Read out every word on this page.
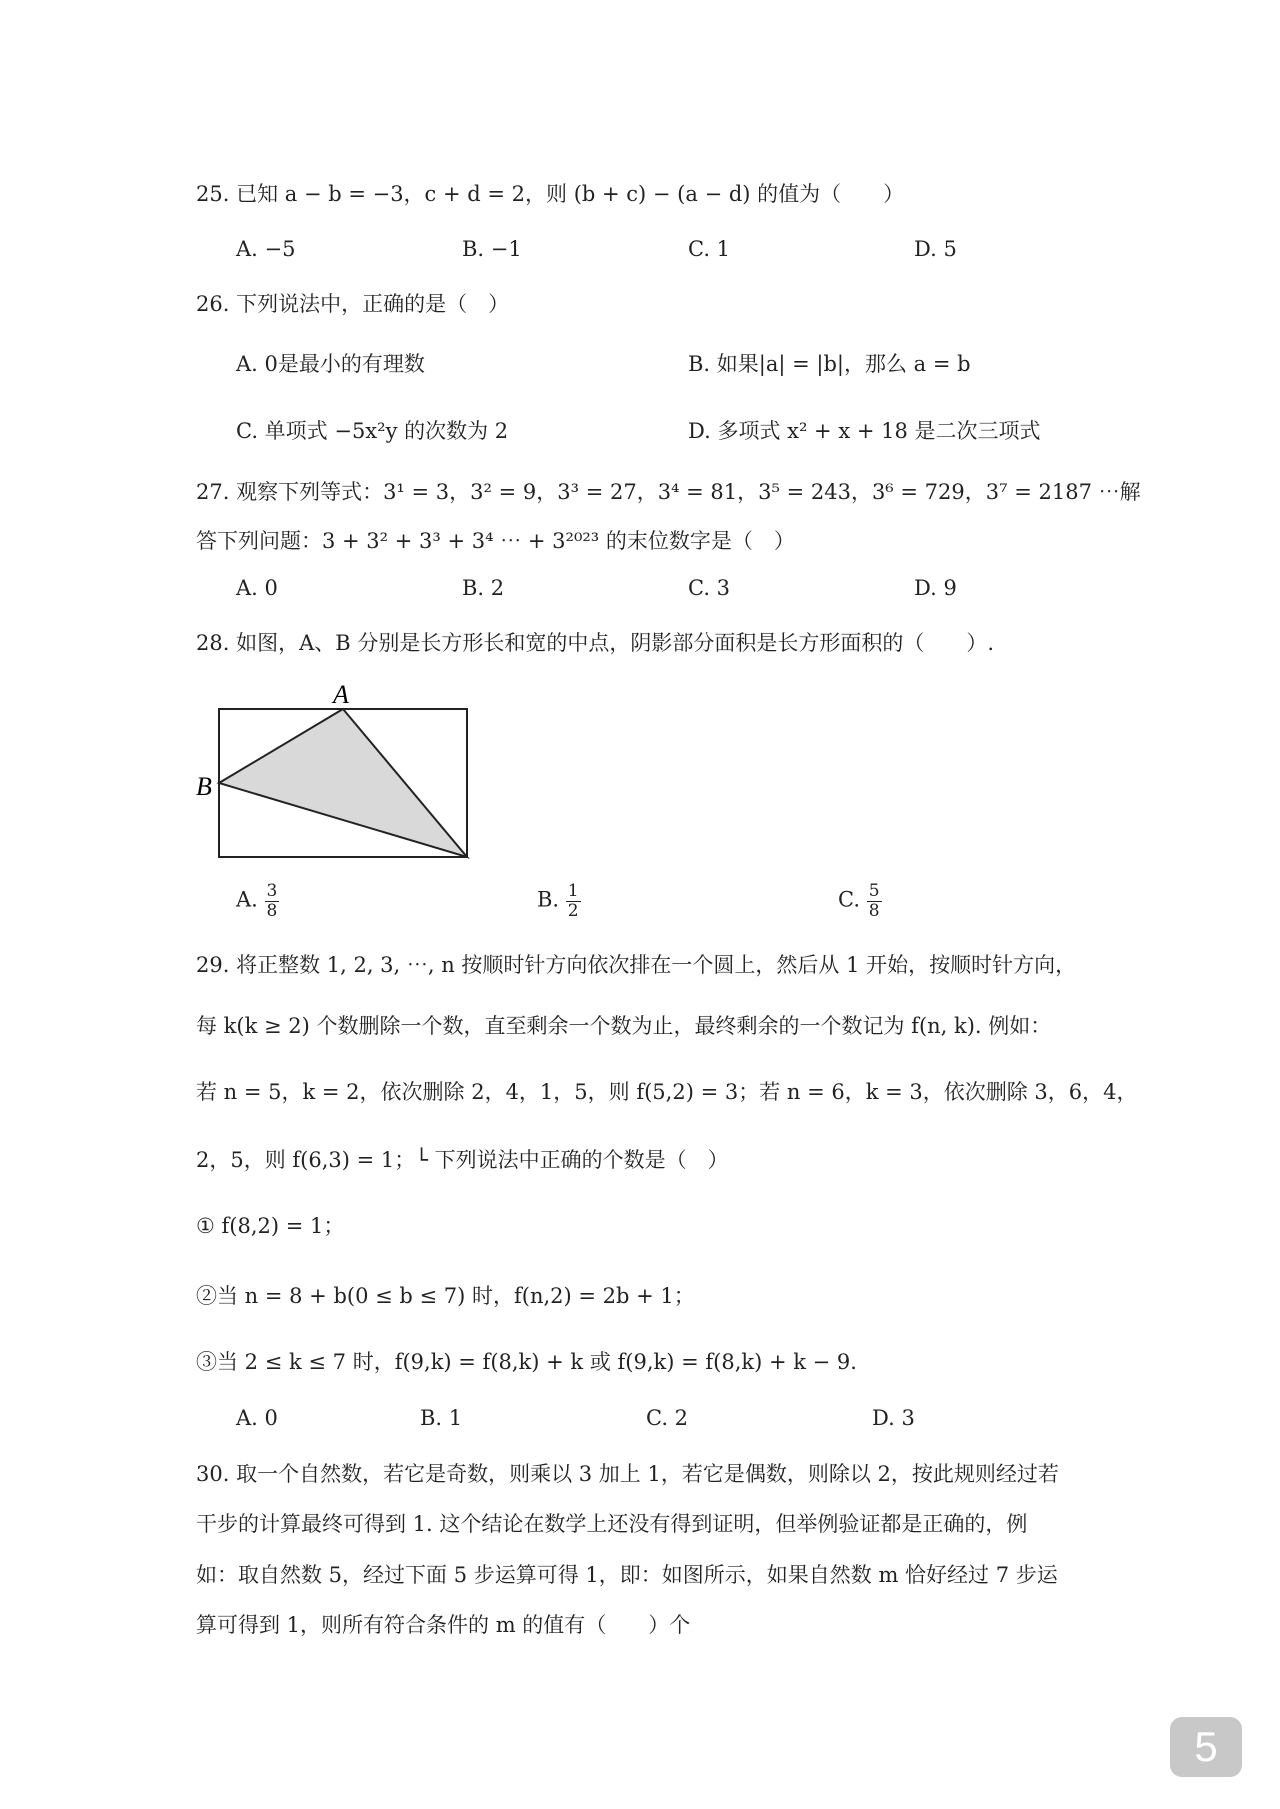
25. 已知 a − b = −3，c + d = 2，则 (b + c) − (a − d) 的值为（　　）
A. −5	B. −1	C. 1	D. 5
26. 下列说法中，正确的是（　）
A. 0是最小的有理数	B. 如果|a| = |b|，那么 a = b
C. 单项式 −5x²y 的次数为 2	D. 多项式 x² + x + 18 是二次三项式
27. 观察下列等式：3¹ = 3，3² = 9，3³ = 27，3⁴ = 81，3⁵ = 243，3⁶ = 729，3⁷ = 2187 ⋯解
答下列问题：3 + 3² + 3³ + 3⁴ ⋯ + 3²⁰²³ 的末位数字是（　）
A. 0	B. 2	C. 3	D. 9
28. 如图，A、B 分别是长方形长和宽的中点，阴影部分面积是长方形面积的（　　）.
A
B
A. $\frac{3}{8}$	B. $\frac{1}{2}$	C. $\frac{5}{8}$
29. 将正整数 1, 2, 3, ⋯, n 按顺时针方向依次排在一个圆上，然后从 1 开始，按顺时针方向，
每 k(k ≥ 2) 个数删除一个数，直至剩余一个数为止，最终剩余的一个数记为 f(n, k). 例如：
若 n = 5，k = 2，依次删除 2，4，1，5，则 f(5,2) = 3；若 n = 6，k = 3，依次删除 3，6，4，
2，5，则 f(6,3) = 1；└ 下列说法中正确的个数是（　）
① f(8,2) = 1；
②当 n = 8 + b(0 ≤ b ≤ 7) 时，f(n,2) = 2b + 1；
③当 2 ≤ k ≤ 7 时，f(9,k) = f(8,k) + k 或 f(9,k) = f(8,k) + k − 9.
A. 0	B. 1	C. 2	D. 3
30. 取一个自然数，若它是奇数，则乘以 3 加上 1，若它是偶数，则除以 2，按此规则经过若
干步的计算最终可得到 1. 这个结论在数学上还没有得到证明，但举例验证都是正确的，例
如：取自然数 5，经过下面 5 步运算可得 1，即：如图所示，如果自然数 m 恰好经过 7 步运
算可得到 1，则所有符合条件的 m 的值有（　　）个
5
